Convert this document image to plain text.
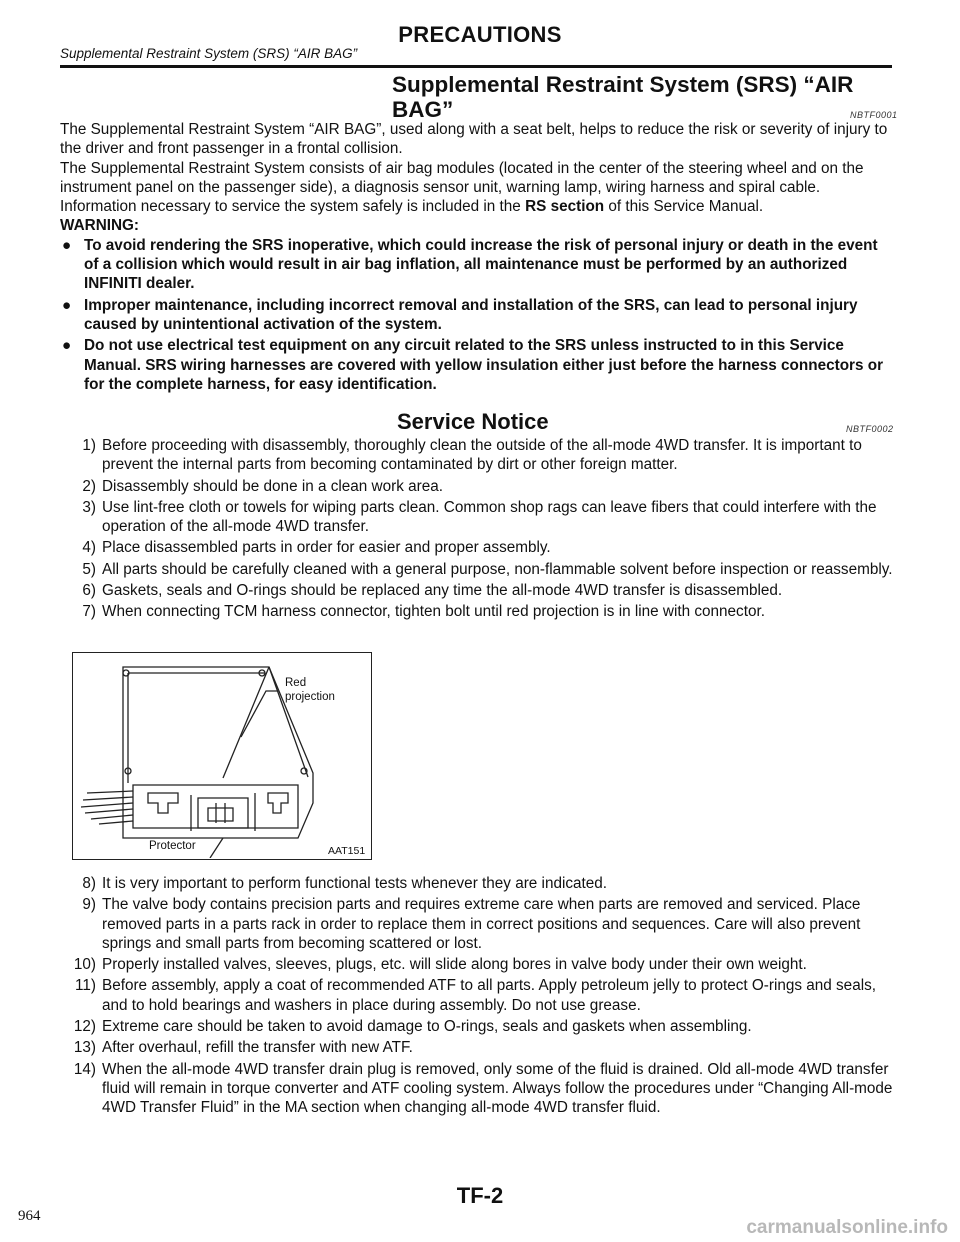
PRECAUTIONS
Supplemental Restraint System (SRS) “AIR BAG”
Supplemental Restraint System (SRS) “AIR
BAG”	NBTF0001

The Supplemental Restraint System “AIR BAG”, used along with a seat belt, helps to reduce the risk or severity of injury to the driver and front passenger in a frontal collision.

The Supplemental Restraint System consists of air bag modules (located in the center of the steering wheel and on the instrument panel on the passenger side), a diagnosis sensor unit, warning lamp, wiring harness and spiral cable. Information necessary to service the system safely is included in the RS section of this Service Manual.

WARNING:

● To avoid rendering the SRS inoperative, which could increase the risk of personal injury or death in the event of a collision which would result in air bag inflation, all maintenance must be performed by an authorized INFINITI dealer.
● Improper maintenance, including incorrect removal and installation of the SRS, can lead to personal injury caused by unintentional activation of the system.
● Do not use electrical test equipment on any circuit related to the SRS unless instructed to in this Service Manual. SRS wiring harnesses are covered with yellow insulation either just before the harness connectors or for the complete harness, for easy identification.
Service Notice	NBTF0002
1) Before proceeding with disassembly, thoroughly clean the outside of the all-mode 4WD transfer. It is important to prevent the internal parts from becoming contaminated by dirt or other foreign matter.
2) Disassembly should be done in a clean work area.
3) Use lint-free cloth or towels for wiping parts clean. Common shop rags can leave fibers that could interfere with the operation of the all-mode 4WD transfer.
4) Place disassembled parts in order for easier and proper assembly.
5) All parts should be carefully cleaned with a general purpose, non-flammable solvent before inspection or reassembly.
6) Gaskets, seals and O-rings should be replaced any time the all-mode 4WD transfer is disassembled.
7) When connecting TCM harness connector, tighten bolt until red projection is in line with connector.
Red
projection
Protector	AAT151
8) It is very important to perform functional tests whenever they are indicated.
9) The valve body contains precision parts and requires extreme care when parts are removed and serviced. Place removed parts in a parts rack in order to replace them in correct positions and sequences. Care will also prevent springs and small parts from becoming scattered or lost.
10) Properly installed valves, sleeves, plugs, etc. will slide along bores in valve body under their own weight.
11) Before assembly, apply a coat of recommended ATF to all parts. Apply petroleum jelly to protect O-rings and seals, and to hold bearings and washers in place during assembly. Do not use grease.
12) Extreme care should be taken to avoid damage to O-rings, seals and gaskets when assembling.
13) After overhaul, refill the transfer with new ATF.
14) When the all-mode 4WD transfer drain plug is removed, only some of the fluid is drained. Old all-mode 4WD transfer fluid will remain in torque converter and ATF cooling system. Always follow the procedures under “Changing All-mode 4WD Transfer Fluid” in the MA section when changing all-mode 4WD transfer fluid.
TF-2
964
carmanualsonline.info
